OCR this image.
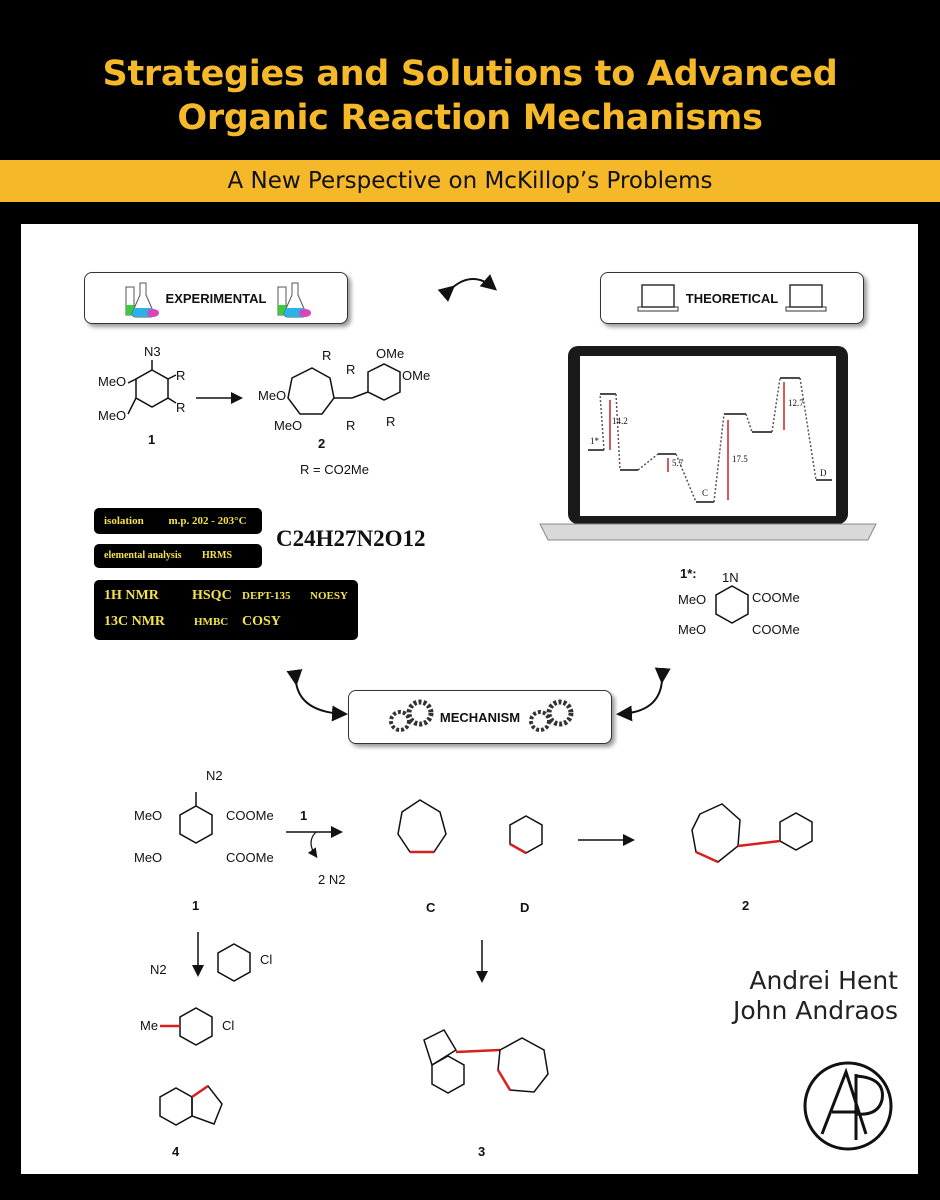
Strategies and Solutions to Advanced
Organic Reaction Mechanisms
A New Perspective on McKillop’s Problems
EXPERIMENTAL	THEORETICAL
MECHANISM
N3
MeO
MeO
R
R
1
R	OMe
OMe
MeO
MeO
R
R R
2
R = CO2Me
isolation m.p. 202 - 203°C
elemental analysis HRMS
C24H27N2O12
1H NMR HSQC DEPT-135 NOESY
13C NMR	HMBC COSY
1*
14.2
5.7	17.5
12.7
C
D
1*: 1N
MeO
MeO
COOMe
COOMe
N2
MeO
MeO
COOMe
COOMe
1
1
2 N2
C	D	2
Cl
N2
Me	Cl
4	3
Andrei Hent
John Andraos
